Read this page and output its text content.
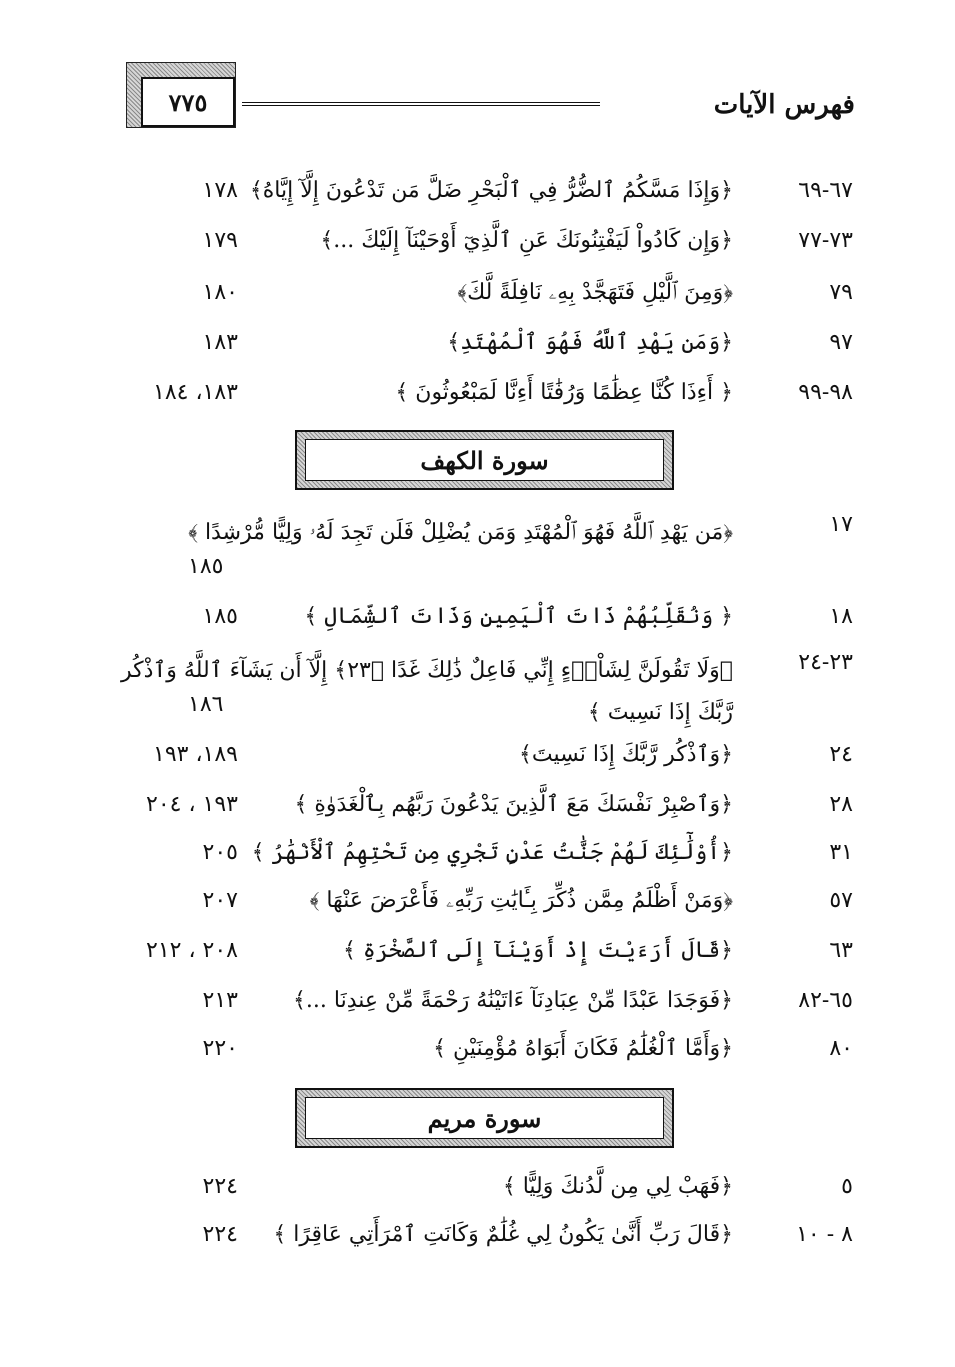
٧٧٥	فهرس الآيات
٦٧-٦٩
﴿وَإِذَا مَسَّكُمُ ٱلضُّرُّ فِي ٱلْبَحْرِ ضَلَّ مَن تَدْعُونَ إِلَّآ إِيَّاهُ﴾
١٧٨
٧٣-٧٧
﴿وَإِن كَادُواْ لَيَفْتِنُونَكَ عَنِ ٱلَّذِيٓ أَوْحَيْنَآ إِلَيْكَ ...﴾
١٧٩
٧٩
﴿وَمِنَ ٱلَّيْلِ فَتَهَجَّدْ بِهِۦ نَافِلَةً لَّكَ﴾
١٨٠
٩٧
﴿وَمَن يَهْدِ ٱللَّهُ فَهُوَ ٱلْمُهْتَدِ﴾
١٨٣
٩٨-٩٩
﴿ أَءِذَا كُنَّا عِظَٰمًا وَرُفَٰتًا أَءِنَّا لَمَبْعُوثُونَ ﴾
١٨٣، ١٨٤
سورة الكهف
١٧
﴿مَن يَهْدِ ٱللَّهُ فَهُوَ ٱلْمُهْتَدِ وَمَن يُضْلِلْ فَلَن تَجِدَ لَهُۥ وَلِيًّا مُّرْشِدًا ﴾
١٨٥
١٨
﴿ وَنُقَلِّبُهُمْ ذَاتَ ٱلْيَمِينِ وَذَاتَ ٱلشِّمَالِ ﴾
١٨٥
٢٣-٢٤
﴿وَلَا تَقُولَنَّ لِشَاْىۡءٍ إِنِّي فَاعِلٌ ذَٰلِكَ غَدًا ﴿٢٣﴾ إِلَّآ أَن يَشَآءَ ٱللَّهُ وَٱذْكُر رَّبَّكَ إِذَا نَسِيتَ ﴾
١٨٦
٢٤
﴿وَٱذْكُر رَّبَّكَ إِذَا نَسِيتَ﴾
١٨٩، ١٩٣
٢٨
﴿وَٱصْبِرْ نَفْسَكَ مَعَ ٱلَّذِينَ يَدْعُونَ رَبَّهُم بِٱلْغَدَوٰةِ ﴾
١٩٣ ، ٢٠٤
٣١
﴿أُوْلَٰٓئِكَ لَهُمْ جَنَّٰتُ عَدْنٍ تَجْرِي مِن تَحْتِهِمُ ٱلْأَنْهَٰرُ ﴾
٢٠٥
٥٧
﴿وَمَنْ أَظْلَمُ مِمَّن ذُكِّرَ بِـَٔايَٰتِ رَبِّهِۦ فَأَعْرَضَ عَنْهَا ﴾
٢٠٧
٦٣
﴿قَالَ أَرَءَيْتَ إِذْ أَوَيْنَآ إِلَى ٱلصَّخْرَةِ ﴾
٢٠٨ ، ٢١٢
٦٥-٨٢
﴿فَوَجَدَا عَبْدًا مِّنْ عِبَادِنَآ ءَاتَيْنَٰهُ رَحْمَةً مِّنْ عِندِنَا ...﴾
٢١٣
٨٠
﴿وَأَمَّا ٱلْغُلَٰمُ فَكَانَ أَبَوَاهُ مُؤْمِنَيْنِ ﴾
٢٢٠
سورة مريم
٥
﴿فَهَبْ لِي مِن لَّدُنكَ وَلِيًّا ﴾
٢٢٤
٨ - ١٠
﴿قَالَ رَبِّ أَنَّىٰ يَكُونُ لِي غُلَٰمٌ وَكَانَتِ ٱمْرَأَتِي عَاقِرًا ﴾
٢٢٤
